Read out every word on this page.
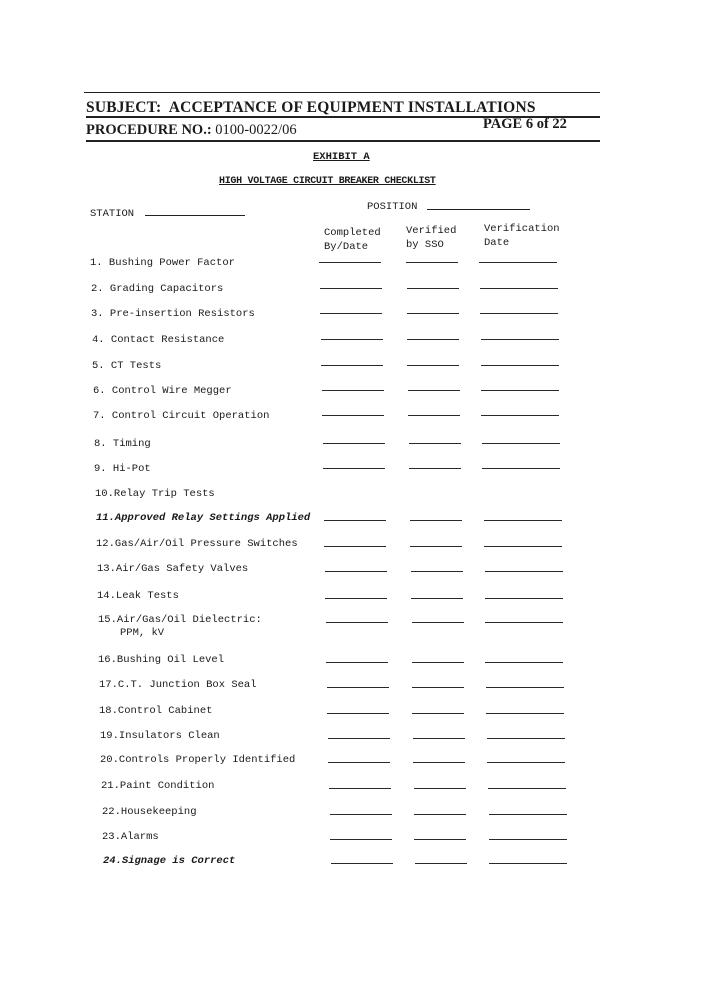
SUBJECT: ACCEPTANCE OF EQUIPMENT INSTALLATIONS
PROCEDURE NO.: 0100-0022/06	PAGE 6 of 22
EXHIBIT A
HIGH VOLTAGE CIRCUIT BREAKER CHECKLIST
STATION
POSITION
Completed
By/Date
Verified
by SSO
Verification
Date
1. Bushing Power Factor
2. Grading Capacitors
3. Pre-insertion Resistors
4. Contact Resistance
5. CT Tests
6. Control Wire Megger
7. Control Circuit Operation
8. Timing
9. Hi-Pot
10.Relay Trip Tests
11.Approved Relay Settings Applied
12.Gas/Air/Oil Pressure Switches
13.Air/Gas Safety Valves
14.Leak Tests
15.Air/Gas/Oil Dielectric:
PPM, kV
16.Bushing Oil Level
17.C.T. Junction Box Seal
18.Control Cabinet
19.Insulators Clean
20.Controls Properly Identified
21.Paint Condition
22.Housekeeping
23.Alarms
24.Signage is Correct
